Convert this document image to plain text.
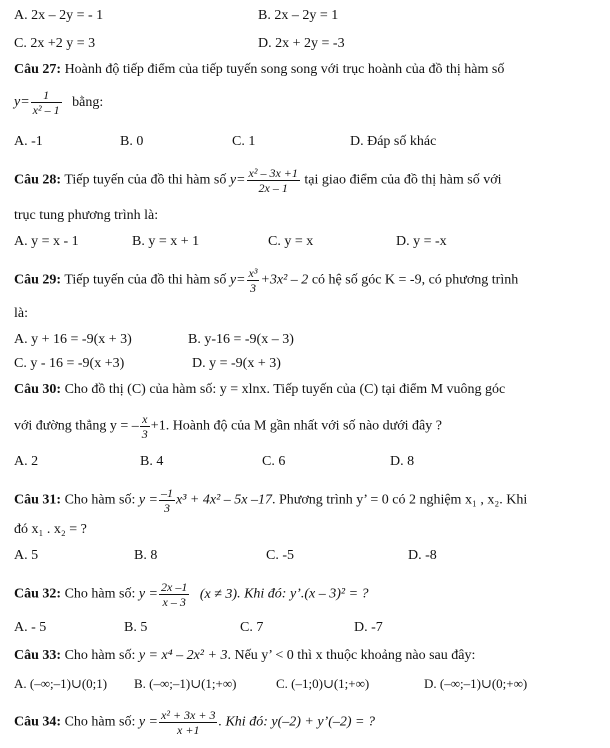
A. 2x – 2y = - 1	B. 2x – 2y = 1
C. 2x +2 y = 3	D. 2x + 2y = -3
Câu 27: Hoành độ tiếp điểm của tiếp tuyến song song với trục hoành của đồ thị hàm số
$y= \frac{1}{\text{x² – 1}}$ bằng:
A. -1	B. 0	C. 1	D. Đáp số khác
Câu 28: Tiếp tuyến của đồ thi hàm số $y= \frac{\text{x² – 3x +1}}{2x - 1}$ tại giao điểm của đồ thị hàm số với
trục tung phương trình là:
A. y = x - 1	B. y = x + 1	C. y = x	D. y = -x
Câu 29: Tiếp tuyến của đồ thi hàm số $y= \frac{\text{x³}}{3} +3x^2 - 2$ có hệ số góc K = -9, có phương trình
là:
A. y + 16 = -9(x + 3)	B. y-16 = -9(x – 3)
C. y - 16 = -9(x +3)	D. y = -9(x + 3)
Câu 30: Cho đồ thị (C) của hàm số: y = xlnx. Tiếp tuyến của (C) tại điểm M vuông góc
với đường thẳng y = – $\frac{x}{3} +1$. Hoành độ của M gần nhất với số nào dưới đây ?
A. 2	B. 4	C. 6	D. 8
Câu 31: Cho hàm số: $y = \frac{-1}{3} x^3 + 4x^2 - 5x$ –17. Phương trình y’ = 0 có 2 nghiệm x₁ , x₂. Khi
đó x₁ . x₂ = ?
A. 5	B. 8	C. -5	D. -8
Câu 32: Cho hàm số: $y = \frac{2x -1}{x - 3} (x \ne 3)$. Khi đó: y’.(x – 3)² = ?
A. - 5	B. 5	C. 7	D. -7
Câu 33: Cho hàm số: y = x⁴ – 2x² + 3. Nếu y’ < 0 thì x thuộc khoảng nào sau đây:
A. (–∞;–1)∪(0;1) B. (–∞;–1)∪(1;+∞)	C. (–1;0)∪(1;+∞)	D. (–∞;–1)∪(0;+∞)
Câu 34: Cho hàm số: $y = \frac{\text{x² + 3x + 3}}{x +1}$ . Khi đó: y(–2) + y’(–2) = ?
